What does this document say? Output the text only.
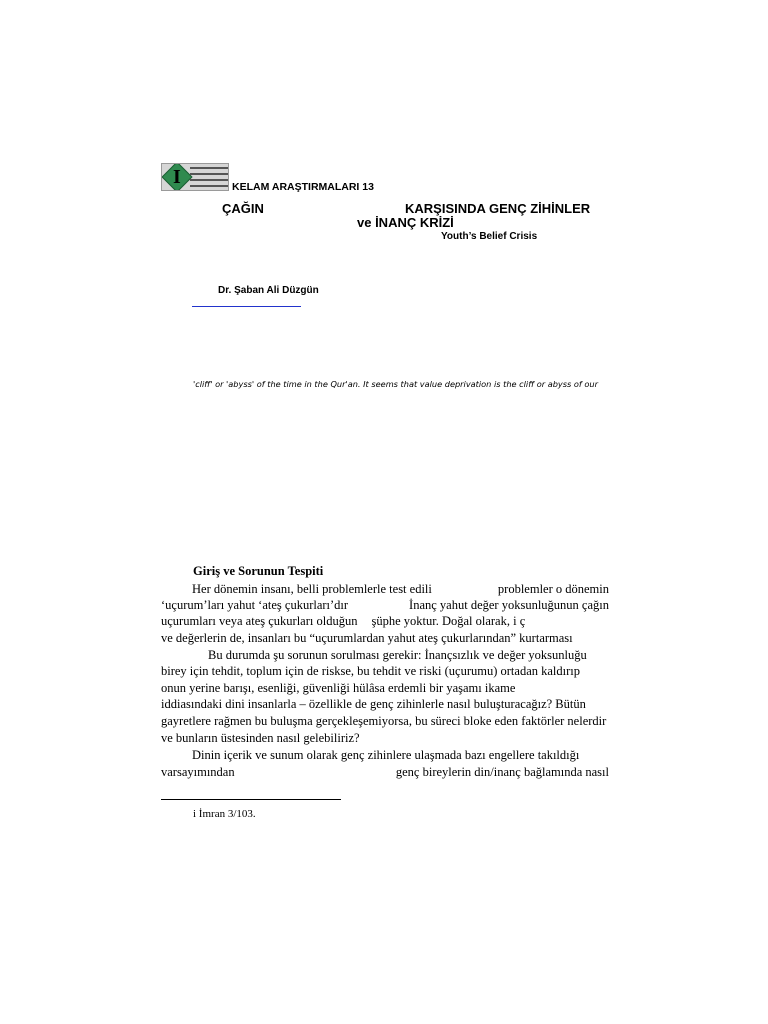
I	KELAM ARAŞTIRMALARI 13
ÇAĞIN	KARŞISINDA GENÇ ZİHİNLER
ve İNANÇ KRİZİ
Youth’s Belief Crisis
Dr. Şaban Ali Düzgün
'cliff' or 'abyss' of the time in the Qur'an. It seems that value deprivation is the cliff or abyss of our
Giriş ve Sorunun Tespiti
Her dönemin insanı, belli problemlerle test edili	problemler o dönemin
‘uçurum’ları yahut ‘ateş çukurları’dır	İnanç yahut değer yoksunluğunun çağın
uçurumları veya ateş çukurları olduğun şüphe yoktur. Doğal olarak, i ç
ve değerlerin de, insanları bu “uçurumlardan yahut ateş çukurlarından” kurtarması
Bu durumda şu sorunun sorulması gerekir: İnançsızlık ve değer yoksunluğu
birey için tehdit, toplum için de riskse, bu tehdit ve riski (uçurumu) ortadan kaldırıp
onun yerine barışı, esenliği, güvenliği hülâsa erdemli bir yaşamı ikame
iddiasındaki dini insanlarla – özellikle de genç zihinlerle nasıl buluşturacağız? Bütün
gayretlere rağmen bu buluşma gerçekleşemiyorsa, bu süreci bloke eden faktörler nelerdir
ve bunların üstesinden nasıl gelebiliriz?
Dinin içerik ve sunum olarak genç zihinlere ulaşmada bazı engellere takıldığı
varsayımından	genç bireylerin din/inanç bağlamında nasıl
i İmran 3/103.
